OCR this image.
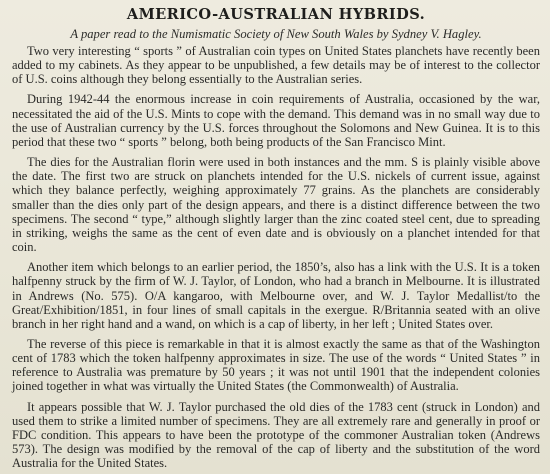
AMERICO-AUSTRALIAN HYBRIDS.

A paper read to the Numismatic Society of New South Wales by Sydney V. Hagley.

Two very interesting “ sports ” of Australian coin types on United States planchets have recently been added to my cabinets. As they appear to be unpublished, a few details may be of interest to the collector of U.S. coins although they belong essentially to the Australian series.

During 1942-44 the enormous increase in coin requirements of Australia, occasioned by the war, necessitated the aid of the U.S. Mints to cope with the demand. This demand was in no small way due to the use of Australian currency by the U.S. forces throughout the Solomons and New Guinea. It is to this period that these two “ sports ” belong, both being products of the San Francisco Mint.

The dies for the Australian florin were used in both instances and the mm. S is plainly visible above the date. The first two are struck on planchets intended for the U.S. nickels of current issue, against which they balance perfectly, weighing approximately 77 grains. As the planchets are considerably smaller than the dies only part of the design appears, and there is a distinct difference between the two specimens. The second “ type,” although slightly larger than the zinc coated steel cent, due to spreading in striking, weighs the same as the cent of even date and is obviously on a planchet intended for that coin.

Another item which belongs to an earlier period, the 1850’s, also has a link with the U.S. It is a token halfpenny struck by the firm of W. J. Taylor, of London, who had a branch in Melbourne. It is illustrated in Andrews (No. 575). O/A kangaroo, with Melbourne over, and W. J. Taylor Medallist/to the Great/Exhibition/1851, in four lines of small capitals in the exergue. R/Britannia seated with an olive branch in her right hand and a wand, on which is a cap of liberty, in her left ; United States over.

The reverse of this piece is remarkable in that it is almost exactly the same as that of the Washington cent of 1783 which the token halfpenny approximates in size. The use of the words “ United States ” in reference to Australia was premature by 50 years ; it was not until 1901 that the independent colonies joined together in what was virtually the United States (the Commonwealth) of Australia.

It appears possible that W. J. Taylor purchased the old dies of the 1783 cent (struck in London) and used them to strike a limited number of specimens. They are all extremely rare and generally in proof or FDC condition. This appears to have been the prototype of the commoner Australian token (Andrews 573). The design was modified by the removal of the cap of liberty and the substitution of the word Australia for the United States.
